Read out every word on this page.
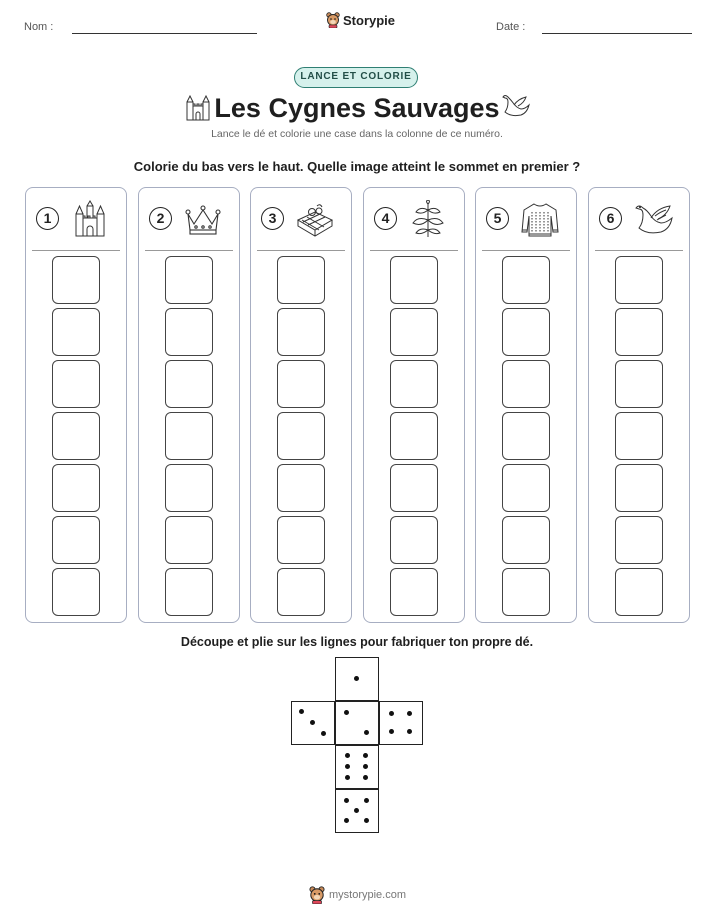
Nom :	Storypie	Date :
LANCE ET COLORIE
Les Cygnes Sauvages
Lance le dé et colorie une case dans la colonne de ce numéro.
Colorie du bas vers le haut. Quelle image atteint le sommet en premier ?
1	2	3	4	5	6
Découpe et plie sur les lignes pour fabriquer ton propre dé.
mystorypie.com
